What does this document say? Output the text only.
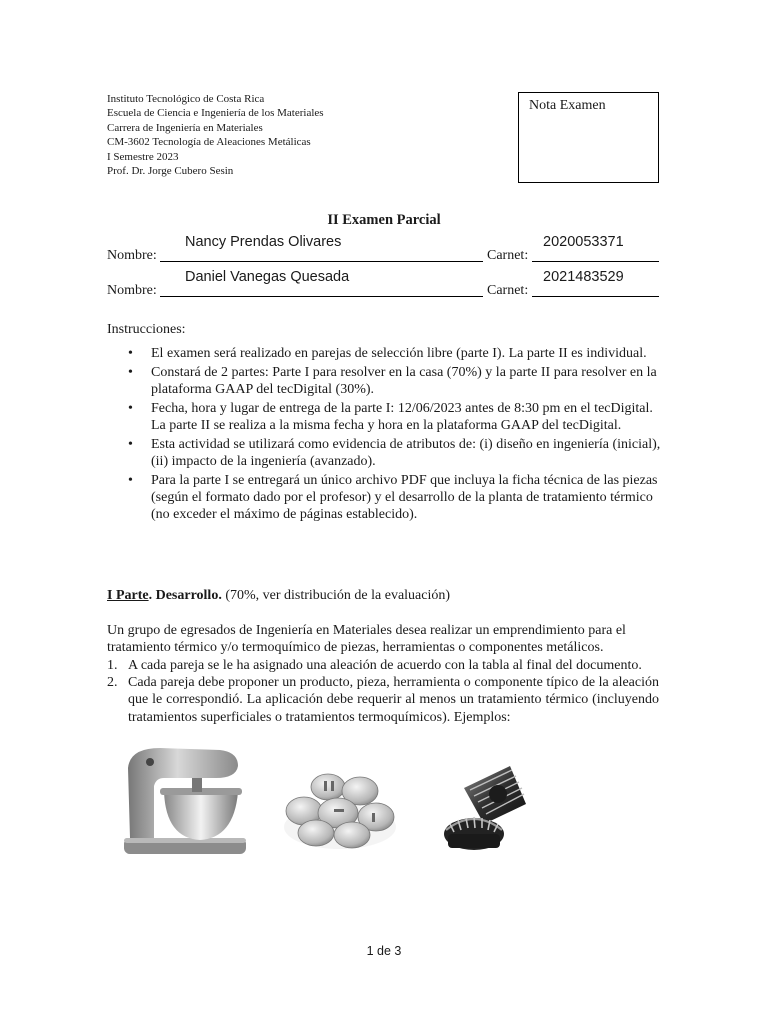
Instituto Tecnológico de Costa Rica
Escuela de Ciencia e Ingeniería de los Materiales
Carrera de Ingeniería en Materiales
CM-3602 Tecnología de Aleaciones Metálicas
I Semestre 2023
Prof. Dr. Jorge Cubero Sesin
Nota Examen
II Examen Parcial
Nombre:
Nancy Prendas Olivares
Carnet:
2020053371
Nombre:
Daniel Vanegas Quesada
Carnet:
2021483529
Instrucciones:
• El examen será realizado en parejas de selección libre (parte I). La parte II es individual.
• Constará de 2 partes: Parte I para resolver en la casa (70%) y la parte II para resolver en la plataforma GAAP del tecDigital (30%).
• Fecha, hora y lugar de entrega de la parte I: 12/06/2023 antes de 8:30 pm en el tecDigital. La parte II se realiza a la misma fecha y hora en la plataforma GAAP del tecDigital.
• Esta actividad se utilizará como evidencia de atributos de: (i) diseño en ingeniería (inicial), (ii) impacto de la ingeniería (avanzado).
• Para la parte I se entregará un único archivo PDF que incluya la ficha técnica de las piezas (según el formato dado por el profesor) y el desarrollo de la planta de tratamiento térmico (no exceder el máximo de páginas establecido).
I Parte. Desarrollo. (70%, ver distribución de la evaluación)
Un grupo de egresados de Ingeniería en Materiales desea realizar un emprendimiento para el tratamiento térmico y/o termoquímico de piezas, herramientas o componentes metálicos.
1. A cada pareja se le ha asignado una aleación de acuerdo con la tabla al final del documento.
2. Cada pareja debe proponer un producto, pieza, herramienta o componente típico de la aleación que le correspondió. La aplicación debe requerir al menos un tratamiento térmico (incluyendo tratamientos superficiales o tratamientos termoquímicos). Ejemplos:
1 de 3
